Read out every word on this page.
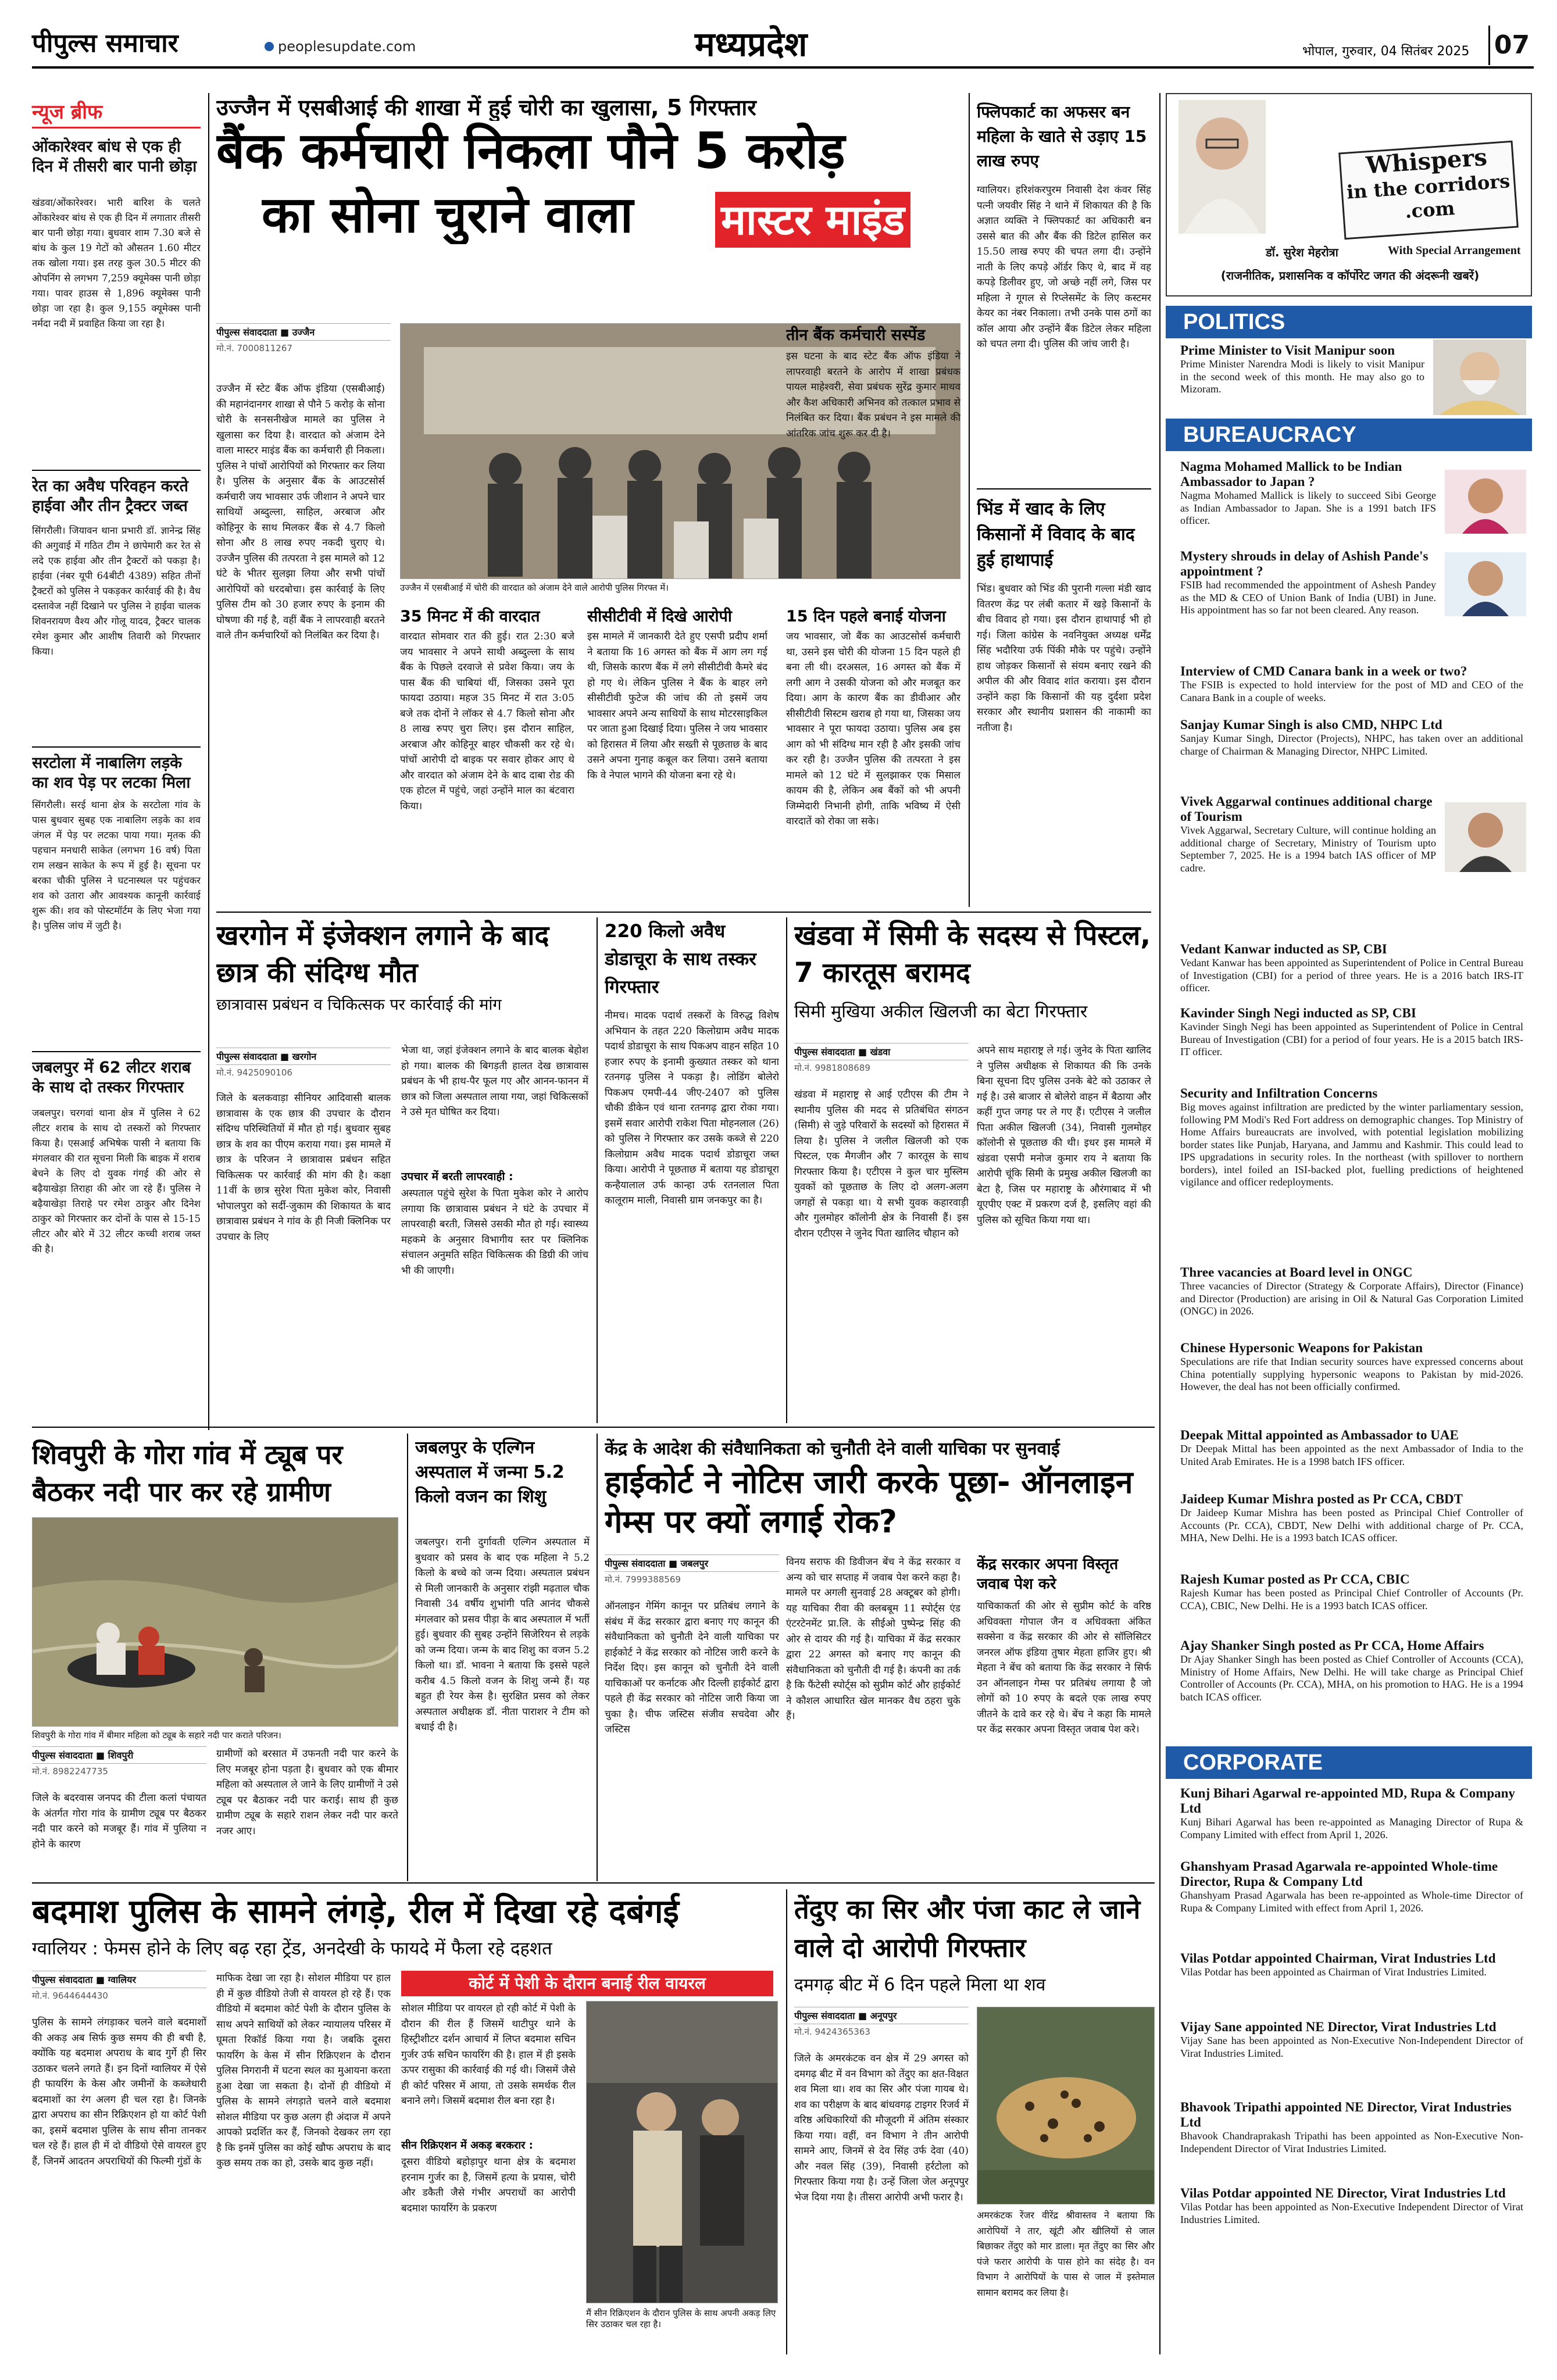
पीपुल्स समाचार	peoplesupdate.com	मध्यप्रदेश	भोपाल, गुरुवार, 04 सितंबर 2025 07
न्यूज ब्रीफ
ओंकारेश्वर बांध से एक ही दिन में तीसरी बार पानी छोड़ा
खंडवा/ओंकारेश्वर। भारी बारिश के चलते ओंकारेश्वर बांध से एक ही दिन में लगातार तीसरी बार पानी छोड़ा गया। बुधवार शाम 7.30 बजे से बांध के कुल 19 गेटों को औसतन 1.60 मीटर तक खोला गया। इस तरह कुल 30.5 मीटर की ओपनिंग से लगभग 7,259 क्यूमेक्स पानी छोड़ा गया। पावर हाउस से 1,896 क्यूमेक्स पानी छोड़ा जा रहा है। कुल 9,155 क्यूमेक्स पानी नर्मदा नदी में प्रवाहित किया जा रहा है।
रेत का अवैध परिवहन करते हाईवा और तीन ट्रैक्टर जब्त
सिंगरौली। जियावन थाना प्रभारी डॉ. ज्ञानेन्द्र सिंह की अगुवाई में गठित टीम ने छापेमारी कर रेत से लदे एक हाईवा और तीन ट्रैक्टरों को पकड़ा है। हाईवा (नंबर यूपी 64बीटी 4389) सहित तीनों ट्रैक्टरों को पुलिस ने पकड़कर कार्रवाई की है। वैध दस्तावेज नहीं दिखाने पर पुलिस ने हाईवा चालक शिवनरायण वैश्य और गोलू यादव, ट्रैक्टर चालक रमेश कुमार और आशीष तिवारी को गिरफ्तार किया।
सरटोला में नाबालिग लड़के का शव पेड़ पर लटका मिला
सिंगरौली। सरई थाना क्षेत्र के सरटोला गांव के पास बुधवार सुबह एक नाबालिग लड़के का शव जंगल में पेड़ पर लटका पाया गया। मृतक की पहचान मनधारी साकेत (लगभग 16 वर्ष) पिता राम लखन साकेत के रूप में हुई है। सूचना पर बरका चौकी पुलिस ने घटनास्थल पर पहुंचकर शव को उतारा और आवश्यक कानूनी कार्रवाई शुरू की। शव को पोस्टमॉर्टम के लिए भेजा गया है। पुलिस जांच में जुटी है।
जबलपुर में 62 लीटर शराब के साथ दो तस्कर गिरफ्तार
जबलपुर। चरगवां थाना क्षेत्र में पुलिस ने 62 लीटर शराब के साथ दो तस्करों को गिरफ्तार किया है। एसआई अभिषेक पासी ने बताया कि मंगलवार की रात सूचना मिली कि बाइक में शराब बेचने के लिए दो युवक गंगई की ओर से बढ़ैयाखेड़ा तिराहा की ओर जा रहे हैं। पुलिस ने बढ़ैयाखेड़ा तिराहे पर रमेश ठाकुर और दिनेश ठाकुर को गिरफ्तार कर दोनों के पास से 15-15 लीटर और बोरे में 32 लीटर कच्ची शराब जब्त की है।
उज्जैन में एसबीआई की शाखा में हुई चोरी का खुलासा, 5 गिरफ्तार
बैंक कर्मचारी निकला पौने 5 करोड़
का सोना चुराने वाला	मास्टर माइंड
पीपुल्स संवाददाता ■ उज्जैन
मो.नं. 7000811267
उज्जैन में स्टेट बैंक ऑफ इंडिया (एसबीआई) की महानंदानगर शाखा से पौने 5 करोड़ के सोना चोरी के सनसनीखेज मामले का पुलिस ने खुलासा कर दिया है। वारदात को अंजाम देने वाला मास्टर माइंड बैंक का कर्मचारी ही निकला। पुलिस ने पांचों आरोपियों को गिरफ्तार कर लिया है। पुलिस के अनुसार बैंक के आउटसोर्स कर्मचारी जय भावसार उर्फ जीशान ने अपने चार साथियों अब्दुल्ला, साहिल, अरबाज और कोहिनूर के साथ मिलकर बैंक से 4.7 किलो सोना और 8 लाख रुपए नकदी चुराए थे। उज्जैन पुलिस की तत्परता ने इस मामले को 12 घंटे के भीतर सुलझा लिया और सभी पांचों आरोपियों को धरदबोचा। इस कार्रवाई के लिए पुलिस टीम को 30 हजार रुपए के इनाम की घोषणा की गई है, वहीं बैंक ने लापरवाही बरतने वाले तीन कर्मचारियों को निलंबित कर दिया है।
उज्जैन में एसबीआई में चोरी की वारदात को अंजाम देने वाले आरोपी पुलिस गिरफ्त में।
35 मिनट में की वारदात
वारदात सोमवार रात की हुई। रात 2:30 बजे जय भावसार ने अपने साथी अब्दुल्ला के साथ बैंक के पिछले दरवाजे से प्रवेश किया। जय के पास बैंक की चाबियां थीं, जिसका उसने पूरा फायदा उठाया। महज 35 मिनट में रात 3:05 बजे तक दोनों ने लॉकर से 4.7 किलो सोना और 8 लाख रुपए चुरा लिए। इस दौरान साहिल, अरबाज और कोहिनूर बाहर चौकसी कर रहे थे। पांचों आरोपी दो बाइक पर सवार होकर आए थे और वारदात को अंजाम देने के बाद दाबा रोड की एक होटल में पहुंचे, जहां उन्होंने माल का बंटवारा किया।
सीसीटीवी में दिखे आरोपी
इस मामले में जानकारी देते हुए एसपी प्रदीप शर्मा ने बताया कि 16 अगस्त को बैंक में आग लग गई थी, जिसके कारण बैंक में लगे सीसीटीवी कैमरे बंद हो गए थे। लेकिन पुलिस ने बैंक के बाहर लगे सीसीटीवी फुटेज की जांच की तो इसमें जय भावसार अपने अन्य साथियों के साथ मोटरसाइकिल पर जाता हुआ दिखाई दिया। पुलिस ने जय भावसार को हिरासत में लिया और सख्ती से पूछताछ के बाद उसने अपना गुनाह कबूल कर लिया। उसने बताया कि वे नेपाल भागने की योजना बना रहे थे।
तीन बैंक कर्मचारी सस्पेंड
15 दिन पहले बनाई योजना
जय भावसार, जो बैंक का आउटसोर्स कर्मचारी था, उसने इस चोरी की योजना 15 दिन पहले ही बना ली थी। दरअसल, 16 अगस्त को बैंक में लगी आग ने उसकी योजना को और मजबूत कर दिया। आग के कारण बैंक का डीवीआर और सीसीटीवी सिस्टम खराब हो गया था, जिसका जय भावसार ने पूरा फायदा उठाया। पुलिस अब इस आग को भी संदिग्ध मान रही है और इसकी जांच कर रही है। उज्जैन पुलिस की तत्परता ने इस मामले को 12 घंटे में सुलझाकर एक मिसाल कायम की है, लेकिन अब बैंकों को भी अपनी जिम्मेदारी निभानी होगी, ताकि भविष्य में ऐसी वारदातें को रोका जा सके।
फ्लिपकार्ट का अफसर बन महिला के खाते से उड़ाए 15 लाख रुपए
ग्वालियर। हरिशंकरपुरम निवासी देश कंवर सिंह पत्नी जयवीर सिंह ने थाने में शिकायत की है कि अज्ञात व्यक्ति ने फ्लिपकार्ट का अधिकारी बन उससे बात की और बैंक की डिटेल हासिल कर 15.50 लाख रुपए की चपत लगा दी। उन्होंने नाती के लिए कपड़े ऑर्डर किए थे, बाद में वह कपड़े डिलीवर हुए, जो अच्छे नहीं लगे, जिस पर महिला ने गूगल से रिप्लेसमेंट के लिए कस्टमर केयर का नंबर निकाला। तभी उनके पास ठगों का कॉल आया और उन्होंने बैंक डिटेल लेकर महिला को चपत लगा दी। पुलिस की जांच जारी है।
भिंड में खाद के लिए किसानों में विवाद के बाद हुई हाथापाई
भिंड। बुधवार को भिंड की पुरानी गल्ला मंडी खाद वितरण केंद्र पर लंबी कतार में खड़े किसानों के बीच विवाद हो गया। इस दौरान हाथापाई भी हो गई। जिला कांग्रेस के नवनियुक्त अध्यक्ष धर्मेंद्र सिंह भदौरिया उर्फ पिंकी मौके पर पहुंचे। उन्होंने हाथ जोड़कर किसानों से संयम बनाए रखने की अपील की और विवाद शांत कराया। इस दौरान उन्होंने कहा कि किसानों की यह दुर्दशा प्रदेश सरकार और स्थानीय प्रशासन की नाकामी का नतीजा है।
इस घटना के बाद स्टेट बैंक ऑफ इंडिया ने लापरवाही बरतने के आरोप में शाखा प्रबंधक पायल माहेश्वरी, सेवा प्रबंधक सुरेंद्र कुमार माथव और कैश अधिकारी अभिनव को तत्काल प्रभाव से निलंबित कर दिया। बैंक प्रबंधन ने इस मामले की आंतरिक जांच शुरू कर दी है।
खरगोन में इंजेक्शन लगाने के बाद छात्र की संदिग्ध मौत
छात्रावास प्रबंधन व चिकित्सक पर कार्रवाई की मांग
पीपुल्स संवाददाता ■ खरगोन
मो.नं. 9425090106
जिले के बलकवाड़ा सीनियर आदिवासी बालक छात्रावास के एक छात्र की उपचार के दौरान संदिग्ध परिस्थितियों में मौत हो गई। बुधवार सुबह छात्र के शव का पीएम कराया गया। इस मामले में छात्र के परिजन ने छात्रावास प्रबंधन सहित चिकित्सक पर कार्रवाई की मांग की है। कक्षा 11वीं के छात्र सुरेश पिता मुकेश कोर, निवासी भोपालपुरा को सर्दी-जुकाम की शिकायत के बाद छात्रावास प्रबंधन ने गांव के ही निजी क्लिनिक पर उपचार के लिए
भेजा था, जहां इंजेक्शन लगाने के बाद बालक बेहोश हो गया। बालक की बिगड़ती हालत देख छात्रावास प्रबंधन के भी हाथ-पैर फूल गए और आनन-फानन में छात्र को जिला अस्पताल लाया गया, जहां चिकित्सकों ने उसे मृत घोषित कर दिया।
उपचार में बरती लापरवाही :
अस्पताल पहुंचे सुरेश के पिता मुकेश कोर ने आरोप लगाया कि छात्रावास प्रबंधन ने घंटे के उपचार में लापरवाही बरती, जिससे उसकी मौत हो गई। स्वास्थ्य महकमे के अनुसार विभागीय स्तर पर क्लिनिक संचालन अनुमति सहित चिकित्सक की डिग्री की जांच भी की जाएगी।
220 किलो अवैध डोडाचूरा के साथ तस्कर गिरफ्तार
नीमच। मादक पदार्थ तस्करों के विरुद्ध विशेष अभियान के तहत 220 किलोग्राम अवैध मादक पदार्थ डोडाचूरा के साथ पिकअप वाहन सहित 10 हजार रुपए के इनामी कुख्यात तस्कर को थाना रतनगढ़ पुलिस ने पकड़ा है। लोडिंग बोलेरो पिकअप एमपी-44 जीए-2407 को पुलिस चौकी डीकेन एवं थाना रतनगढ़ द्वारा रोका गया। इसमें सवार आरोपी राकेश पिता मोहनलाल (26) को पुलिस ने गिरफ्तार कर उसके कब्जे से 220 किलोग्राम अवैध मादक पदार्थ डोडाचूरा जब्त किया। आरोपी ने पूछताछ में बताया यह डोडाचूरा कन्हैयालाल उर्फ कान्हा उर्फ रतनलाल पिता कालूराम माली, निवासी ग्राम जनकपुर का है।
खंडवा में सिमी के सदस्य से पिस्टल, 7 कारतूस बरामद
सिमी मुखिया अकील खिलजी का बेटा गिरफ्तार
पीपुल्स संवाददाता ■ खंडवा
मो.नं. 9981808689
खंडवा में महाराष्ट्र से आई एटीएस की टीम ने स्थानीय पुलिस की मदद से प्रतिबंधित संगठन (सिमी) से जुड़े परिवारों के सदस्यों को हिरासत में लिया है। पुलिस ने जलील खिलजी को एक पिस्टल, एक मैगजीन और 7 कारतूस के साथ गिरफ्तार किया है। एटीएस ने कुल चार मुस्लिम युवकों को पूछताछ के लिए दो अलग-अलग जगहों से पकड़ा था। ये सभी युवक कहारवाड़ी और गुलमोहर कॉलोनी क्षेत्र के निवासी हैं। इस दौरान एटीएस ने जुनेद पिता खालिद चौहान को
अपने साथ महाराष्ट्र ले गई। जुनेद के पिता खालिद ने पुलिस अधीक्षक से शिकायत की कि उनके बिना सूचना दिए पुलिस उनके बेटे को उठाकर ले गई है। उसे बाजार से बोलेरो वाहन में बैठाया और कहीं गुप्त जगह पर ले गए हैं। एटीएस ने जलील पिता अकील खिलजी (34), निवासी गुलमोहर कॉलोनी से पूछताछ की थी। इधर इस मामले में खंडवा एसपी मनोज कुमार राय ने बताया कि आरोपी चूंकि सिमी के प्रमुख अकील खिलजी का बेटा है, जिस पर महाराष्ट्र के औरंगाबाद में भी यूएपीए एक्ट में प्रकरण दर्ज है, इसलिए वहां की पुलिस को सूचित किया गया था।
शिवपुरी के गोरा गांव में ट्यूब पर बैठकर नदी पार कर रहे ग्रामीण
शिवपुरी के गोरा गांव में बीमार महिला को ट्यूब के सहारे नदी पार कराते परिजन।
पीपुल्स संवाददाता ■ शिवपुरी
मो.नं. 8982247735
जिले के बदरवास जनपद की टीला कलां पंचायत के अंतर्गत गोरा गांव के ग्रामीण ट्यूब पर बैठकर नदी पार करने को मजबूर हैं। गांव में पुलिया न होने के कारण
ग्रामीणों को बरसात में उफनती नदी पार करने के लिए मजबूर होना पड़ता है। बुधवार को एक बीमार महिला को अस्पताल ले जाने के लिए ग्रामीणों ने उसे ट्यूब पर बैठाकर नदी पार कराई। साथ ही कुछ ग्रामीण ट्यूब के सहारे राशन लेकर नदी पार करते नजर आए।
जबलपुर के एल्गिन अस्पताल में जन्मा 5.2 किलो वजन का शिशु
जबलपुर। रानी दुर्गावती एल्गिन अस्पताल में बुधवार को प्रसव के बाद एक महिला ने 5.2 किलो के बच्चे को जन्म दिया। अस्पताल प्रबंधन से मिली जानकारी के अनुसार रांझी मढ़ताल चौक निवासी 34 वर्षीय शुभांगी पति आनंद चौकसे मंगलवार को प्रसव पीड़ा के बाद अस्पताल में भर्ती हुई। बुधवार की सुबह उन्होंने सिजेरियन से लड़के को जन्म दिया। जन्म के बाद शिशु का वजन 5.2 किलो था। डॉ. भावना ने बताया कि इससे पहले करीब 4.5 किलो वजन के शिशु जन्मे हैं। यह बहुत ही रेयर केस है। सुरक्षित प्रसव को लेकर अस्पताल अधीक्षक डॉ. नीता पाराशर ने टीम को बधाई दी है।
केंद्र के आदेश की संवैधानिकता को चुनौती देने वाली याचिका पर सुनवाई
हाईकोर्ट ने नोटिस जारी करके पूछा- ऑनलाइन गेम्स पर क्यों लगाई रोक?
पीपुल्स संवाददाता ■ जबलपुर
मो.नं. 7999388569
ऑनलाइन गेमिंग कानून पर प्रतिबंध लगाने के संबंध में केंद्र सरकार द्वारा बनाए गए कानून की संवैधानिकता को चुनौती देने वाली याचिका पर हाईकोर्ट ने केंद्र सरकार को नोटिस जारी करने के निर्देश दिए। इस कानून को चुनौती देने वाली याचिकाओं पर कर्नाटक और दिल्ली हाईकोर्ट द्वारा पहले ही केंद्र सरकार को नोटिस जारी किया जा चुका है। चीफ जस्टिस संजीव सचदेवा और जस्टिस
विनय सराफ की डिवीजन बेंच ने केंद्र सरकार व अन्य को चार सप्ताह में जवाब पेश करने कहा है। मामले पर अगली सुनवाई 28 अक्टूबर को होगी। यह याचिका रीवा की क्लबबूम 11 स्पोर्ट्स एंड एंटरटेनमेंट प्रा.लि. के सीईओ पुष्पेन्द्र सिंह की ओर से दायर की गई है। याचिका में केंद्र सरकार द्वारा 22 अगस्त को बनाए गए कानून की संवैधानिकता को चुनौती दी गई है। कंपनी का तर्क है कि फैंटेसी स्पोर्ट्स को सुप्रीम कोर्ट और हाईकोर्ट ने कौशल आधारित खेल मानकर वैध ठहरा चुके हैं।
केंद्र सरकार अपना विस्तृत जवाब पेश करे
याचिकाकर्ता की ओर से सुप्रीम कोर्ट के वरिष्ठ अधिवक्ता गोपाल जैन व अधिवक्ता अंकित सक्सेना व केंद्र सरकार की ओर से सॉलिसिटर जनरल ऑफ इंडिया तुषार मेहता हाजिर हुए। श्री मेहता ने बेंच को बताया कि केंद्र सरकार ने सिर्फ उन ऑनलाइन गेम्स पर प्रतिबंध लगाया है जो लोगों को 10 रुपए के बदले एक लाख रुपए जीतने के दावे कर रहे थे। बेंच ने कहा कि मामले पर केंद्र सरकार अपना विस्तृत जवाब पेश करे।
बदमाश पुलिस के सामने लंगड़े, रील में दिखा रहे दबंगई
ग्वालियर : फेमस होने के लिए बढ़ रहा ट्रेंड, अनदेखी के फायदे में फैला रहे दहशत
पीपुल्स संवाददाता ■ ग्वालियर
मो.नं. 9644644430
पुलिस के सामने लंगड़ाकर चलने वाले बदमाशों की अकड़ अब सिर्फ कुछ समय की ही बची है, क्योंकि यह बदमाश अपराध के बाद गुर्गे ही सिर उठाकर चलने लगते हैं। इन दिनों ग्वालियर में ऐसे ही फायरिंग के केस और जमीनों के कब्जेधारी बदमाशों का रंग अलग ही चल रहा है। जिनके द्वारा अपराध का सीन रिक्रिएशन हो या कोर्ट पेशी का, इसमें बदमाश पुलिस के साथ सीना तानकर चल रहे हैं। हाल ही में दो वीडियो ऐसे वायरल हुए हैं, जिनमें आदतन अपराधियों की फिल्मी गुंडों के
माफिक देखा जा रहा है। सोशल मीडिया पर हाल ही में कुछ वीडियो तेजी से वायरल हो रहे हैं। एक वीडियो में बदमाश कोर्ट पेशी के दौरान पुलिस के साथ अपने साथियों को लेकर न्यायालय परिसर में घूमता रिकॉर्ड किया गया है। जबकि दूसरा फायरिंग के केस में सीन रिक्रिएशन के दौरान पुलिस निगरानी में घटना स्थल का मुआयना करता हुआ देखा जा सकता है। दोनों ही वीडियो में पुलिस के सामने लंगड़ाते चलने वाले बदमाश सोशल मीडिया पर कुछ अलग ही अंदाज में अपने आपको प्रदर्शित कर हैं, जिनको देखकर लग रहा है कि इनमें पुलिस का कोई खौफ अपराध के बाद कुछ समय तक का हो, उसके बाद कुछ नहीं।
कोर्ट में पेशी के दौरान बनाई रील वायरल
सोशल मीडिया पर वायरल हो रही कोर्ट में पेशी के दौरान की रील हैं जिसमें थाटीपुर थाने के हिस्ट्रीशीटर दर्शन आचार्य में लिप्त बदमाश सचिन गुर्जर उर्फ सचिन फायरिंग की है। हाल में ही इसके ऊपर रासुका की कार्रवाई की गई थी। जिसमें जैसे ही कोर्ट परिसर में आया, तो उसके समर्थक रील बनाने लगे। जिसमें बदमाश रील बना रहा है।
सीन रिक्रिएशन में अकड़ बरकरार :
दूसरा वीडियो बहोड़ापुर थाना क्षेत्र के बदमाश हरनाम गुर्जर का है, जिसमें हत्या के प्रयास, चोरी और डकैती जैसे गंभीर अपराधों का आरोपी बदमाश फायरिंग के प्रकरण
मैं सीन रिक्रिएशन के दौरान पुलिस के साथ अपनी अकड़ लिए सिर उठाकर चल रहा है।
तेंदुए का सिर और पंजा काट ले जाने वाले दो आरोपी गिरफ्तार
दमगढ़ बीट में 6 दिन पहले मिला था शव
पीपुल्स संवाददाता ■ अनूपपुर
मो.नं. 9424365363
जिले के अमरकंटक वन क्षेत्र में 29 अगस्त को दमगढ़ बीट में वन विभाग को तेंदुए का क्षत-विक्षत शव मिला था। शव का सिर और पंजा गायब थे। शव का परीक्षण के बाद बांधवगढ़ टाइगर रिजर्व में वरिष्ठ अधिकारियों की मौजूदगी में अंतिम संस्कार किया गया। वहीं, वन विभाग ने तीन आरोपी सामने आए, जिनमें से देव सिंह उर्फ देवा (40) और नवल सिंह (39), निवासी हर्रटोला को गिरफ्तार किया गया है। उन्हें जिला जेल अनूपपुर भेज दिया गया है। तीसरा आरोपी अभी फरार है।
अमरकंटक रेंजर वीरेंद्र श्रीवास्तव ने बताया कि आरोपियों ने तार, खूंटी और खीलियों से जाल बिछाकर तेंदुए को मार डाला। मृत तेंदुए का सिर और पंजे फरार आरोपी के पास होने का संदेह है। वन विभाग ने आरोपियों के पास से जाल में इस्तेमाल सामान बरामद कर लिया है।
Whispers
in the corridors
.com
डॉ. सुरेश मेहरोत्रा	With Special Arrangement
(राजनीतिक, प्रशासनिक व कॉर्पोरेट जगत की अंदरूनी खबरें)
POLITICS
Prime Minister to Visit Manipur soon
Prime Minister Narendra Modi is likely to visit Manipur in the second week of this month. He may also go to Mizoram.
BUREAUCRACY
Nagma Mohamed Mallick to be Indian Ambassador to Japan ?
Nagma Mohamed Mallick is likely to succeed Sibi George as Indian Ambassador to Japan. She is a 1991 batch IFS officer.
Mystery shrouds in delay of Ashish Pande's appointment ?
FSIB had recommended the appointment of Ashesh Pandey as the MD & CEO of Union Bank of India (UBI) in June. His appointment has so far not been cleared. Any reason.
Interview of CMD Canara bank in a week or two?
The FSIB is expected to hold interview for the post of MD and CEO of the Canara Bank in a couple of weeks.
Sanjay Kumar Singh is also CMD, NHPC Ltd
Sanjay Kumar Singh, Director (Projects), NHPC, has taken over an additional charge of Chairman & Managing Director, NHPC Limited.
Vivek Aggarwal continues additional charge of Tourism
Vivek Aggarwal, Secretary Culture, will continue holding an additional charge of Secretary, Ministry of Tourism upto September 7, 2025. He is a 1994 batch IAS officer of MP cadre.
Vedant Kanwar inducted as SP, CBI
Vedant Kanwar has been appointed as Superintendent of Police in Central Bureau of Investigation (CBI) for a period of three years. He is a 2016 batch IRS-IT officer.
Kavinder Singh Negi inducted as SP, CBI
Kavinder Singh Negi has been appointed as Superintendent of Police in Central Bureau of Investigation (CBI) for a period of four years. He is a 2015 batch IRS-IT officer.
Security and Infiltration Concerns
Big moves against infiltration are predicted by the winter parliamentary session, following PM Modi's Red Fort address on demographic changes. Top Ministry of Home Affairs bureaucrats are involved, with potential legislation mobilizing border states like Punjab, Haryana, and Jammu and Kashmir. This could lead to IPS upgradations in security roles. In the northeast (with spillover to northern borders), intel foiled an ISI-backed plot, fuelling predictions of heightened vigilance and officer redeployments.
Three vacancies at Board level in ONGC
Three vacancies of Director (Strategy & Corporate Affairs), Director (Finance) and Director (Production) are arising in Oil & Natural Gas Corporation Limited (ONGC) in 2026.
Chinese Hypersonic Weapons for Pakistan
Speculations are rife that Indian security sources have expressed concerns about China potentially supplying hypersonic weapons to Pakistan by mid-2026. However, the deal has not been officially confirmed.
Deepak Mittal appointed as Ambassador to UAE
Dr Deepak Mittal has been appointed as the next Ambassador of India to the United Arab Emirates. He is a 1998 batch IFS officer.
Jaideep Kumar Mishra posted as Pr CCA, CBDT
Dr Jaideep Kumar Mishra has been posted as Principal Chief Controller of Accounts (Pr. CCA), CBDT, New Delhi with additional charge of Pr. CCA, MHA, New Delhi. He is a 1993 batch ICAS officer.
Rajesh Kumar posted as Pr CCA, CBIC
Rajesh Kumar has been posted as Principal Chief Controller of Accounts (Pr. CCA), CBIC, New Delhi. He is a 1993 batch ICAS officer.
Ajay Shanker Singh posted as Pr CCA, Home Affairs
Dr Ajay Shanker Singh has been posted as Chief Controller of Accounts (CCA), Ministry of Home Affairs, New Delhi. He will take charge as Principal Chief Controller of Accounts (Pr. CCA), MHA, on his promotion to HAG. He is a 1994 batch ICAS officer.
CORPORATE
Kunj Bihari Agarwal re-appointed MD, Rupa & Company Ltd
Kunj Bihari Agarwal has been re-appointed as Managing Director of Rupa & Company Limited with effect from April 1, 2026.
Ghanshyam Prasad Agarwala re-appointed Whole-time Director, Rupa & Company Ltd
Ghanshyam Prasad Agarwala has been re-appointed as Whole-time Director of Rupa & Company Limited with effect from April 1, 2026.
Vilas Potdar appointed Chairman, Virat Industries Ltd
Vilas Potdar has been appointed as Chairman of Virat Industries Limited.
Vijay Sane appointed NE Director, Virat Industries Ltd
Vijay Sane has been appointed as Non-Executive Non-Independent Director of Virat Industries Limited.
Bhavook Tripathi appointed NE Director, Virat Industries Ltd
Bhavook Chandraprakash Tripathi has been appointed as Non-Executive Non-Independent Director of Virat Industries Limited.
Vilas Potdar appointed NE Director, Virat Industries Ltd
Vilas Potdar has been appointed as Non-Executive Independent Director of Virat Industries Limited.
